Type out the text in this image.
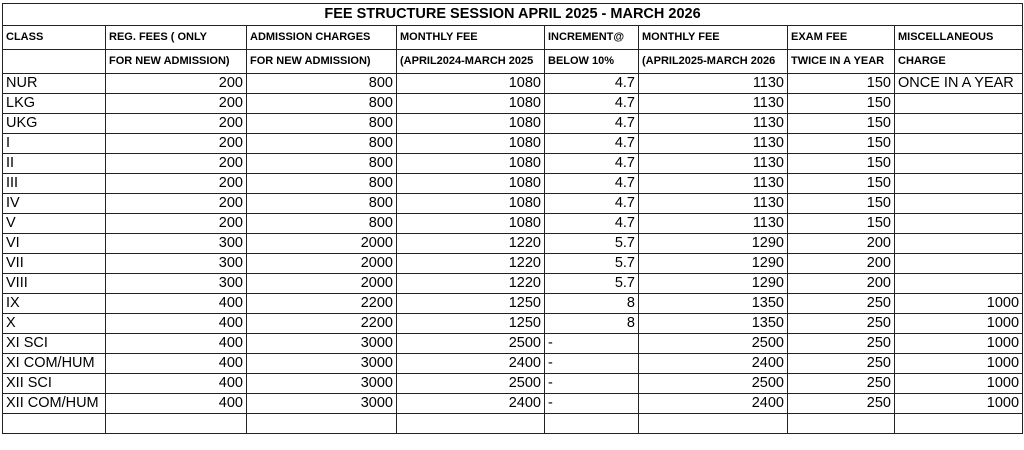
FEE STRUCTURE SESSION APRIL 2025 - MARCH 2026							
CLASS	REG. FEES ( ONLY	ADMISSION CHARGES	MONTHLY FEE	INCREMENT@	MONTHLY FEE	EXAM FEE	MISCELLANEOUS
	FOR NEW ADMISSION)	FOR NEW ADMISSION)	(APRIL2024-MARCH 2025	BELOW 10%	(APRIL2025-MARCH 2026	TWICE IN A YEAR	CHARGE
NUR	200	800	1080	4.7	1130	150	ONCE IN A YEAR
LKG	200	800	1080	4.7	1130	150	
UKG	200	800	1080	4.7	1130	150	
I	200	800	1080	4.7	1130	150	
II	200	800	1080	4.7	1130	150	
III	200	800	1080	4.7	1130	150	
IV	200	800	1080	4.7	1130	150	
V	200	800	1080	4.7	1130	150	
VI	300	2000	1220	5.7	1290	200	
VII	300	2000	1220	5.7	1290	200	
VIII	300	2000	1220	5.7	1290	200	
IX	400	2200	1250	8	1350	250	1000
X	400	2200	1250	8	1350	250	1000
XI SCI	400	3000	2500	-	2500	250	1000
XI COM/HUM	400	3000	2400	-	2400	250	1000
XII SCI	400	3000	2500	-	2500	250	1000
XII COM/HUM	400	3000	2400	-	2400	250	1000
